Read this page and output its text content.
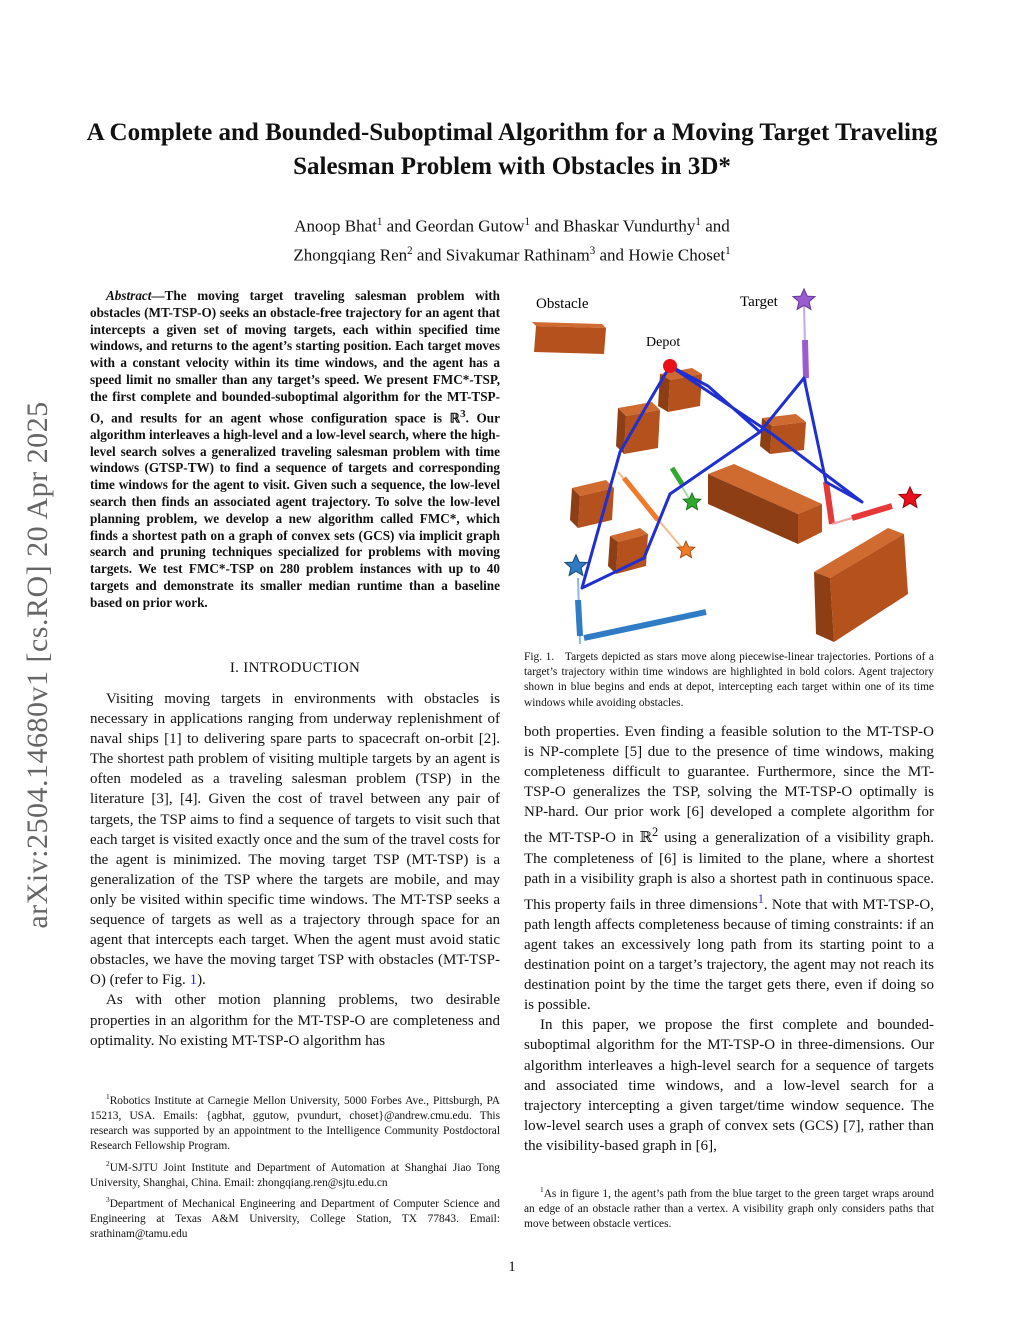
arXiv:2504.14680v1 [cs.RO] 20 Apr 2025
A Complete and Bounded-Suboptimal Algorithm for a Moving Target Traveling Salesman Problem with Obstacles in 3D*
Anoop Bhat$^1$ and Geordan Gutow$^1$ and Bhaskar Vundurthy$^1$ and
Zhongqiang Ren$^2$ and Sivakumar Rathinam$^3$ and Howie Choset$^1$

Abstract—The moving target traveling salesman problem with obstacles (MT-TSP-O) seeks an obstacle-free trajectory for an agent that intercepts a given set of moving targets, each within specified time windows, and returns to the agent’s starting position. Each target moves with a constant velocity within its time windows, and the agent has a speed limit no smaller than any target’s speed. We present FMC*-TSP, the first complete and bounded-suboptimal algorithm for the MT-TSP-O, and results for an agent whose configuration space is ℝ$^3$. Our algorithm interleaves a high-level and a low-level search, where the high-level search solves a generalized traveling salesman problem with time windows (GTSP-TW) to find a sequence of targets and corresponding time windows for the agent to visit. Given such a sequence, the low-level search then finds an associated agent trajectory. To solve the low-level planning problem, we develop a new algorithm called FMC*, which finds a shortest path on a graph of convex sets (GCS) via implicit graph search and pruning techniques specialized for problems with moving targets. We test FMC*-TSP on 280 problem instances with up to 40 targets and demonstrate its smaller median runtime than a baseline based on prior work.

I. INTRODUCTION

Visiting moving targets in environments with obstacles is necessary in applications ranging from underway replenishment of naval ships [1] to delivering spare parts to spacecraft on-orbit [2]. The shortest path problem of visiting multiple targets by an agent is often modeled as a traveling salesman problem (TSP) in the literature [3], [4]. Given the cost of travel between any pair of targets, the TSP aims to find a sequence of targets to visit such that each target is visited exactly once and the sum of the travel costs for the agent is minimized. The moving target TSP (MT-TSP) is a generalization of the TSP where the targets are mobile, and may only be visited within specific time windows. The MT-TSP seeks a sequence of targets as well as a trajectory through space for an agent that intercepts each target. When the agent must avoid static obstacles, we have the moving target TSP with obstacles (MT-TSP-O) (refer to Fig. 1).

As with other motion planning problems, two desirable properties in an algorithm for the MT-TSP-O are completeness and optimality. No existing MT-TSP-O algorithm has

$^1$Robotics Institute at Carnegie Mellon University, 5000 Forbes Ave., Pittsburgh, PA 15213, USA. Emails: {agbhat, ggutow, pvundurt, choset}@andrew.cmu.edu. This research was supported by an appointment to the Intelligence Community Postdoctoral Research Fellowship Program.

$^2$UM-SJTU Joint Institute and Department of Automation at Shanghai Jiao Tong University, Shanghai, China. Email: zhongqiang.ren@sjtu.edu.cn

$^3$Department of Mechanical Engineering and Department of Computer Science and Engineering at Texas A&M University, College Station, TX 77843. Email: srathinam@tamu.edu

Obstacle	Target
Depot
Fig. 1. Targets depicted as stars move along piecewise-linear trajectories. Portions of a target’s trajectory within time windows are highlighted in bold colors. Agent trajectory shown in blue begins and ends at depot, intercepting each target within one of its time windows while avoiding obstacles.

both properties. Even finding a feasible solution to the MT-TSP-O is NP-complete [5] due to the presence of time windows, making completeness difficult to guarantee. Furthermore, since the MT-TSP-O generalizes the TSP, solving the MT-TSP-O optimally is NP-hard. Our prior work [6] developed a complete algorithm for the MT-TSP-O in ℝ$^2$ using a generalization of a visibility graph. The completeness of [6] is limited to the plane, where a shortest path in a visibility graph is also a shortest path in continuous space. This property fails in three dimensions$^1$. Note that with MT-TSP-O, path length affects completeness because of timing constraints: if an agent takes an excessively long path from its starting point to a destination point on a target’s trajectory, the agent may not reach its destination point by the time the target gets there, even if doing so is possible.

In this paper, we propose the first complete and bounded-suboptimal algorithm for the MT-TSP-O in three-dimensions. Our algorithm interleaves a high-level search for a sequence of targets and associated time windows, and a low-level search for a trajectory intercepting a given target/time window sequence. The low-level search uses a graph of convex sets (GCS) [7], rather than the visibility-based graph in [6],

$^1$As in figure 1, the agent’s path from the blue target to the green target wraps around an edge of an obstacle rather than a vertex. A visibility graph only considers paths that move between obstacle vertices.
1
